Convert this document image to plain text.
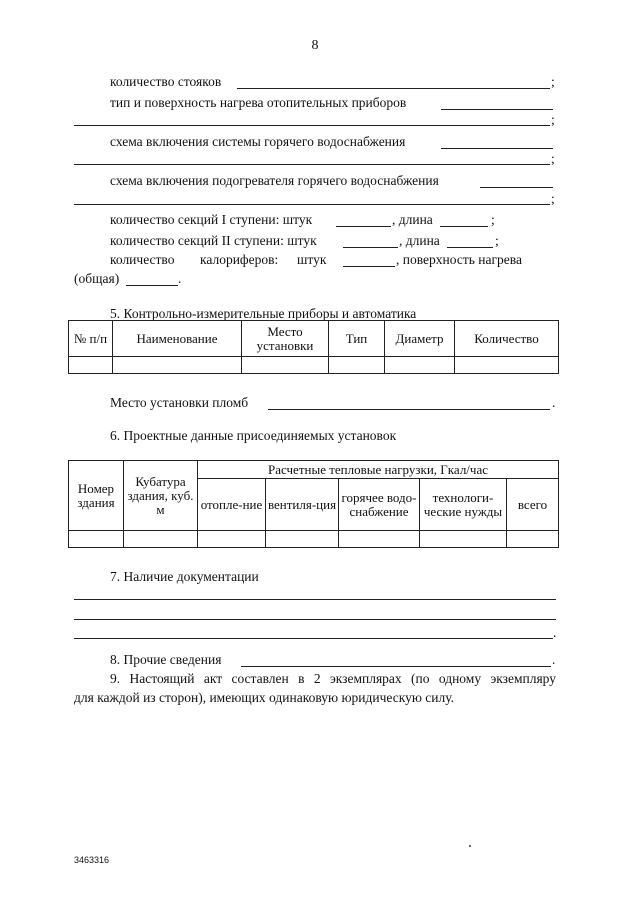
8
количество стояков	;
тип и поверхность нагрева отопительных приборов
;
схема включения системы горячего водоснабжения
;
схема включения подогревателя горячего водоснабжения
;
количество секций I ступени: штук	, длина	;
количество секций II ступени: штук	, длина	;
количество калориферов: штук	, поверхность нагрева
(общая)	.
5. Контрольно-измерительные приборы и автоматика
№ п/п	Наименование	Место установки	Тип	Диаметр	Количество

Место установки пломб	.
6. Проектные данные присоединяемых установок
Номер здания	Кубатура здания, куб. м	Расчетные тепловые нагрузки, Гкал/час				
		отопле-ние	вентиля-ция	горячее водо-снабжение	технологи-ческие нужды	всего

7. Наличие документации
.
8. Прочие сведения	.
9. Настоящий акт составлен в 2 экземплярах (по одному экземпляру
для каждой из сторон), имеющих одинаковую юридическую силу.
3463316
